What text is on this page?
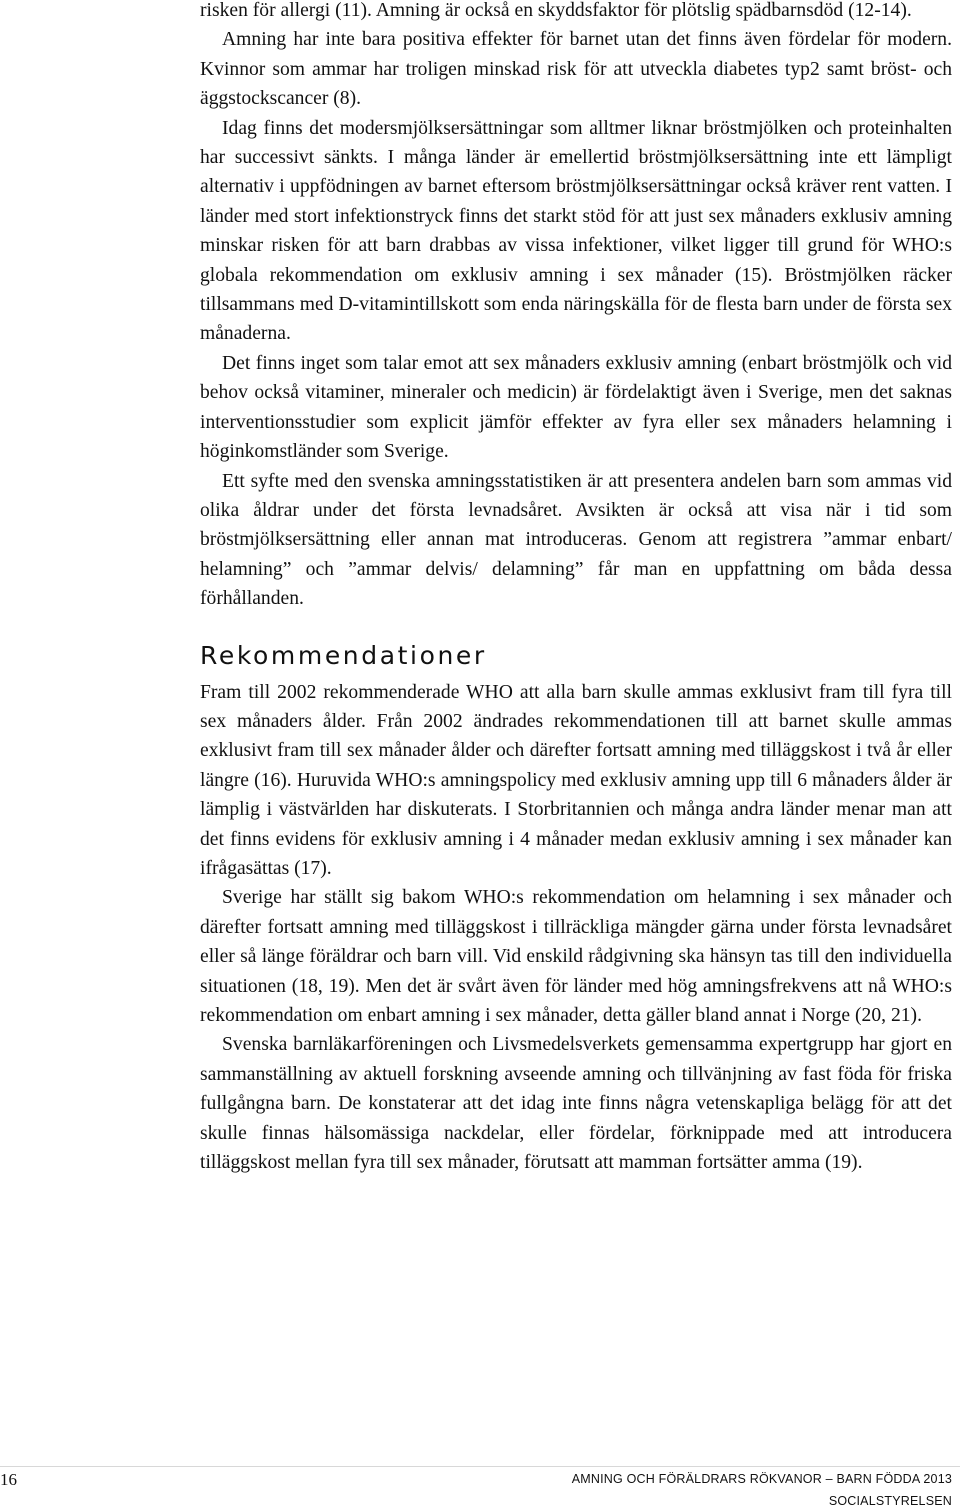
risken för allergi (11). Amning är också en skyddsfaktor för plötslig spädbarnsdöd (12-14).

Amning har inte bara positiva effekter för barnet utan det finns även fördelar för modern. Kvinnor som ammar har troligen minskad risk för att utveckla diabetes typ2 samt bröst- och äggstockscancer (8).

Idag finns det modersmjölksersättningar som alltmer liknar bröstmjölken och proteinhalten har successivt sänkts. I många länder är emellertid bröstmjölksersättning inte ett lämpligt alternativ i uppfödningen av barnet eftersom bröstmjölksersättningar också kräver rent vatten. I länder med stort infektionstryck finns det starkt stöd för att just sex månaders exklusiv amning minskar risken för att barn drabbas av vissa infektioner, vilket ligger till grund för WHO:s globala rekommendation om exklusiv amning i sex månader (15). Bröstmjölken räcker tillsammans med D-vitamintillskott som enda näringskälla för de flesta barn under de första sex månaderna.

Det finns inget som talar emot att sex månaders exklusiv amning (enbart bröstmjölk och vid behov också vitaminer, mineraler och medicin) är fördelaktigt även i Sverige, men det saknas interventionsstudier som explicit jämför effekter av fyra eller sex månaders helamning i höginkomstländer som Sverige.

Ett syfte med den svenska amningsstatistiken är att presentera andelen barn som ammas vid olika åldrar under det första levnadsåret. Avsikten är också att visa när i tid som bröstmjölksersättning eller annan mat introduceras. Genom att registrera ”ammar enbart/ helamning” och ”ammar delvis/ delamning” får man en uppfattning om båda dessa förhållanden.

Rekommendationer

Fram till 2002 rekommenderade WHO att alla barn skulle ammas exklusivt fram till fyra till sex månaders ålder. Från 2002 ändrades rekommendationen till att barnet skulle ammas exklusivt fram till sex månader ålder och därefter fortsatt amning med tilläggskost i två år eller längre (16). Huruvida WHO:s amningspolicy med exklusiv amning upp till 6 månaders ålder är lämplig i västvärlden har diskuterats. I Storbritannien och många andra länder menar man att det finns evidens för exklusiv amning i 4 månader medan exklusiv amning i sex månader kan ifrågasättas (17).

Sverige har ställt sig bakom WHO:s rekommendation om helamning i sex månader och därefter fortsatt amning med tilläggskost i tillräckliga mängder gärna under första levnadsåret eller så länge föräldrar och barn vill. Vid enskild rådgivning ska hänsyn tas till den individuella situationen (18, 19). Men det är svårt även för länder med hög amningsfrekvens att nå WHO:s rekommendation om enbart amning i sex månader, detta gäller bland annat i Norge (20, 21).

Svenska barnläkarföreningen och Livsmedelsverkets gemensamma expertgrupp har gjort en sammanställning av aktuell forskning avseende amning och tillvänjning av fast föda för friska fullgångna barn. De konstaterar att det idag inte finns några vetenskapliga belägg för att det skulle finnas hälsomässiga nackdelar, eller fördelar, förknippade med att introducera tilläggskost mellan fyra till sex månader, förutsatt att mamman fortsätter amma (19).

16	AMNING OCH FÖRÄLDRARS RÖKVANOR – BARN FÖDDA 2013
SOCIALSTYRELSEN
